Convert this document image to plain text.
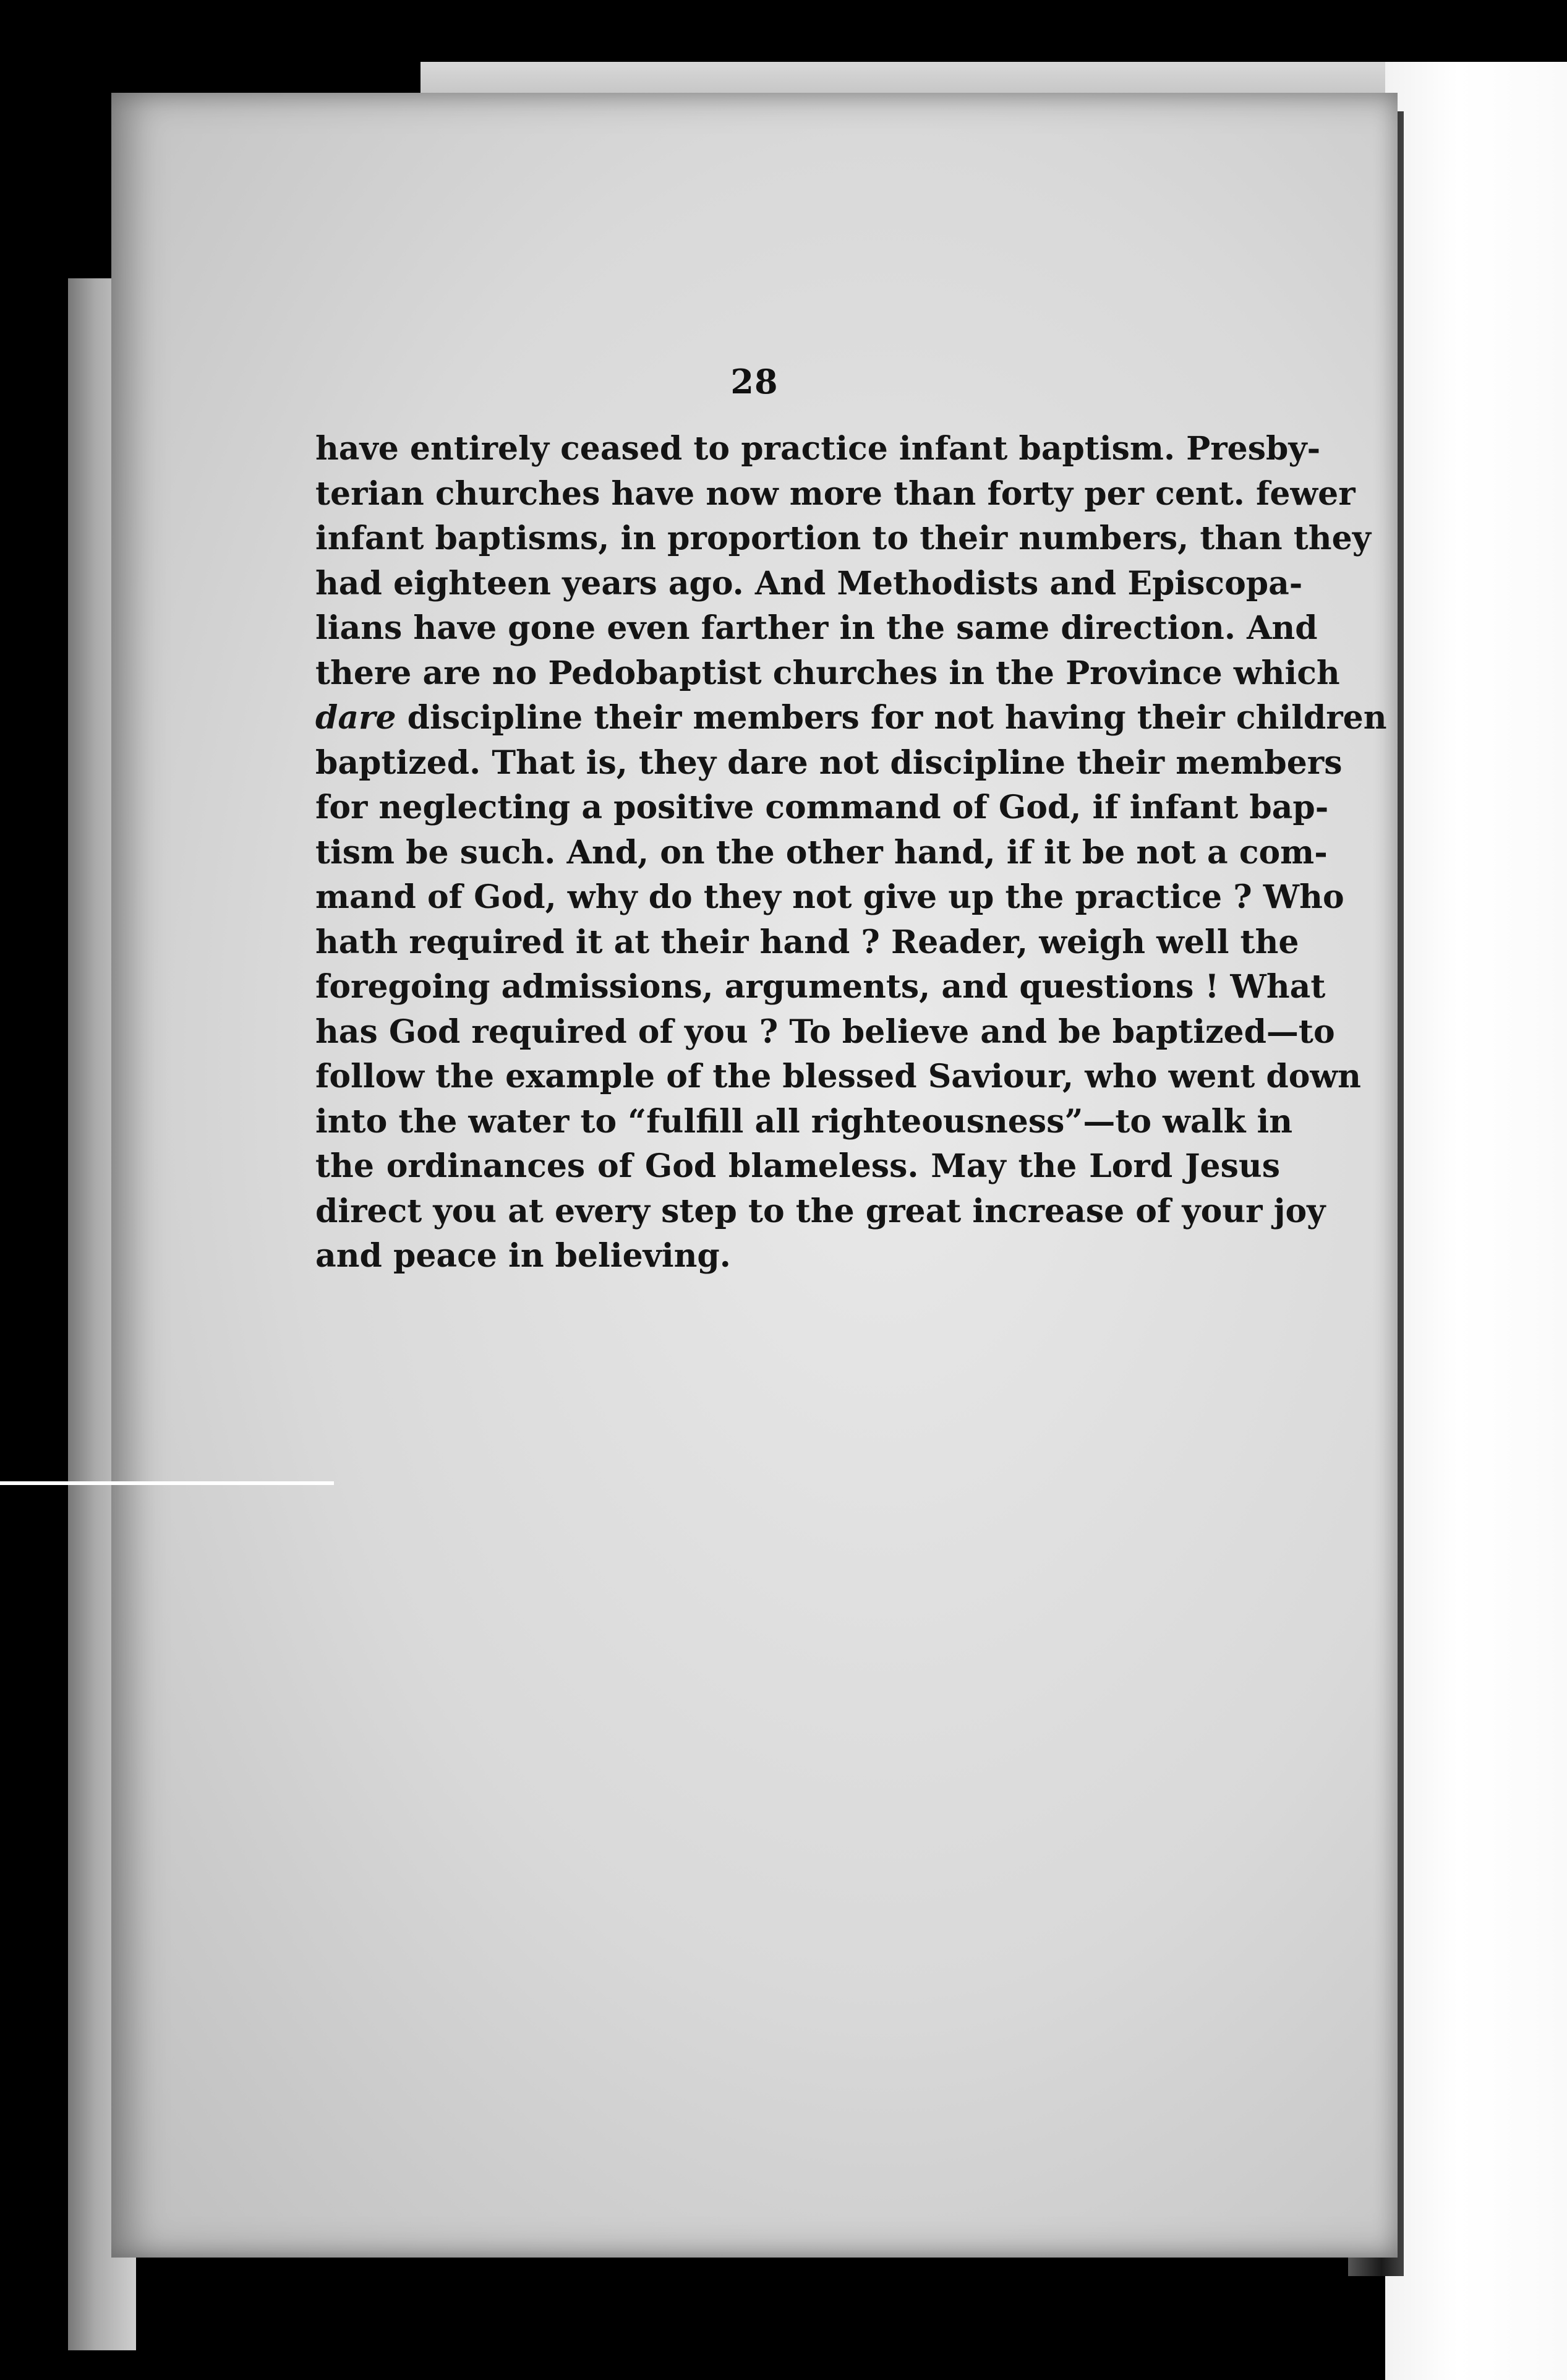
28
have entirely ceased to practice infant baptism. Presby-
terian churches have now more than forty per cent. fewer
infant baptisms, in proportion to their numbers, than they
had eighteen years ago. And Methodists and Episcopa-
lians have gone even farther in the same direction. And
there are no Pedobaptist churches in the Province which
dare discipline their members for not having their children
baptized. That is, they dare not discipline their members
for neglecting a positive command of God, if infant bap-
tism be such. And, on the other hand, if it be not a com-
mand of God, why do they not give up the practice ? Who
hath required it at their hand ? Reader, weigh well the
foregoing admissions, arguments, and questions ! What
has God required of you ? To believe and be baptized—to
follow the example of the blessed Saviour, who went down
into the water to “fulfill all righteousness”—to walk in
the ordinances of God blameless. May the Lord Jesus
direct you at every step to the great increase of your joy
and peace in believing.
